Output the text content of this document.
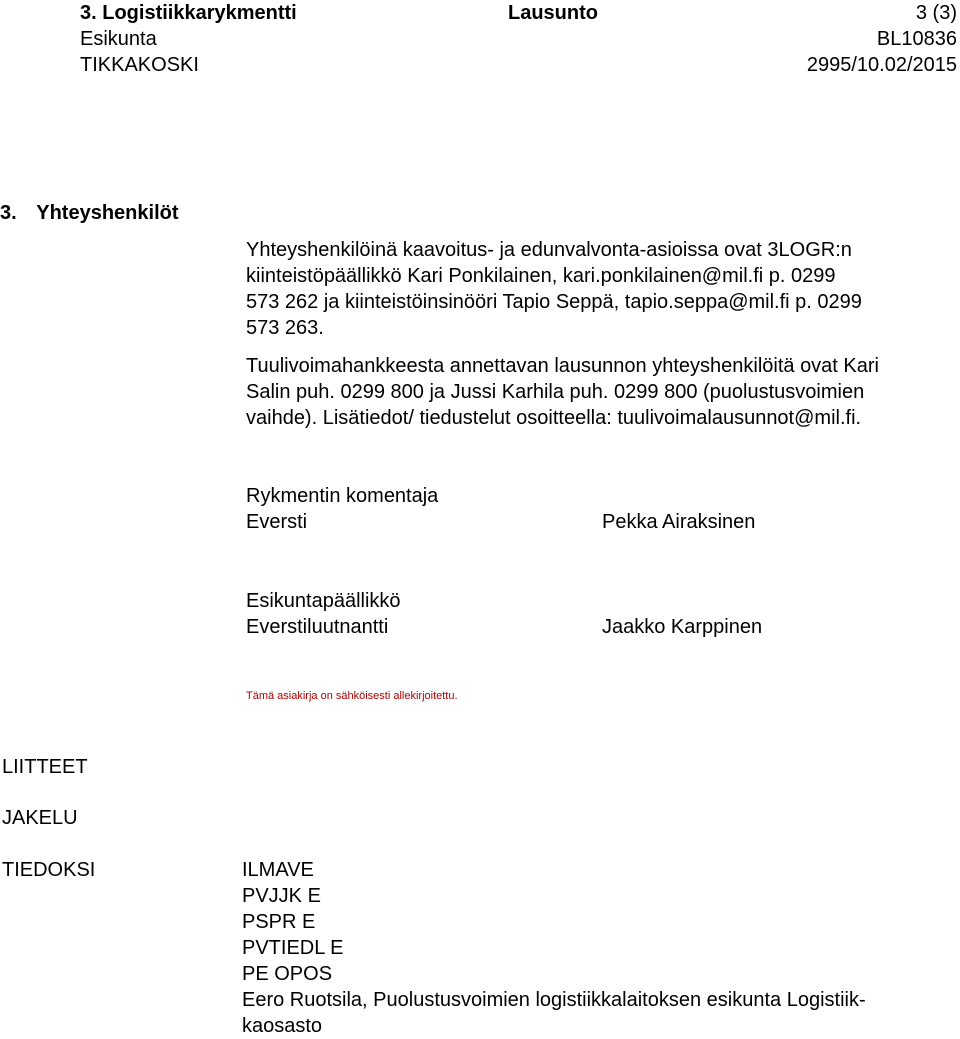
3. Logistiikkarykmentti
Esikunta
TIKKAKOSKI
Lausunto	3 (3)
BL10836
2995/10.02/2015
3. Yhteyshenkilöt

Yhteyshenkilöinä kaavoitus- ja edunvalvonta-asioissa ovat 3LOGR:n

kiinteistöpäällikkö Kari Ponkilainen, kari.ponkilainen@mil.fi p. 0299

573 262 ja kiinteistöinsinööri Tapio Seppä, tapio.seppa@mil.fi p. 0299

573 263.

Tuulivoimahankkeesta annettavan lausunnon yhteyshenkilöitä ovat Kari

Salin puh. 0299 800 ja Jussi Karhila puh. 0299 800 (puolustusvoimien

vaihde). Lisätiedot/ tiedustelut osoitteella: tuulivoimalausunnot@mil.fi.

Rykmentin komentaja
Eversti	Pekka Airaksinen
Esikuntapäällikkö
Everstiluutnantti	Jaakko Karppinen
Tämä asiakirja on sähköisesti allekirjoitettu.
LIITTEET
JAKELU
TIEDOKSI	ILMAVE
PVJJK E
PSPR E
PVTIEDL E
PE OPOS
Eero Ruotsila, Puolustusvoimien logistiikkalaitoksen esikunta Logistiik-
kaosasto
